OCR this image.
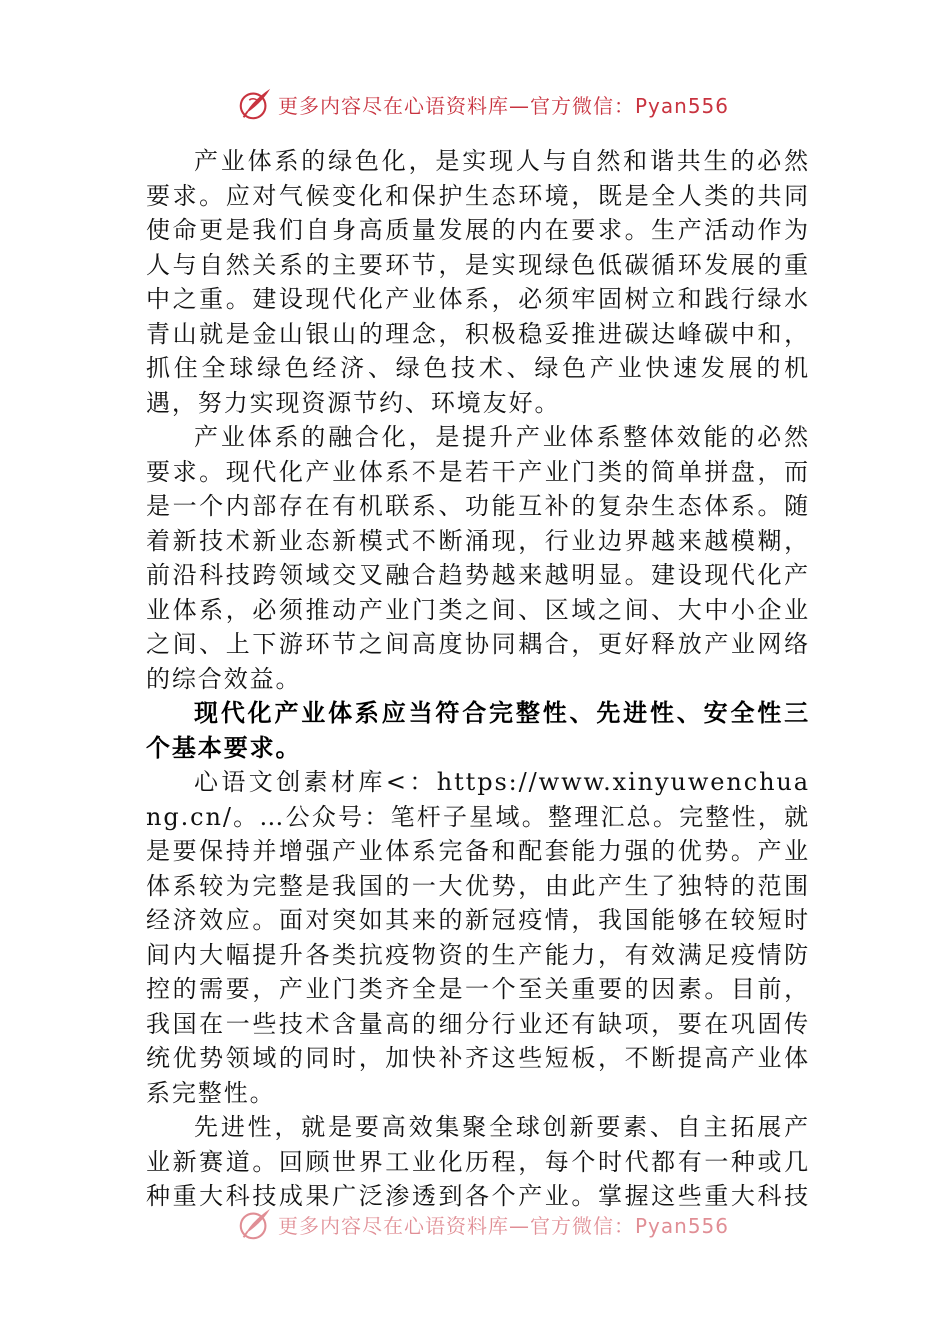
更多内容尽在心语资料库—官方微信：Pyan556

产业体系的绿色化，是实现人与自然和谐共生的必然要求。应对气候变化和保护生态环境，既是全人类的共同使命更是我们自身高质量发展的内在要求。生产活动作为人与自然关系的主要环节，是实现绿色低碳循环发展的重中之重。建设现代化产业体系，必须牢固树立和践行绿水青山就是金山银山的理念，积极稳妥推进碳达峰碳中和，抓住全球绿色经济、绿色技术、绿色产业快速发展的机遇，努力实现资源节约、环境友好。

产业体系的融合化，是提升产业体系整体效能的必然要求。现代化产业体系不是若干产业门类的简单拼盘，而是一个内部存在有机联系、功能互补的复杂生态体系。随着新技术新业态新模式不断涌现，行业边界越来越模糊，前沿科技跨领域交叉融合趋势越来越明显。建设现代化产业体系，必须推动产业门类之间、区域之间、大中小企业之间、上下游环节之间高度协同耦合，更好释放产业网络的综合效益。

现代化产业体系应当符合完整性、先进性、安全性三个基本要求。

心语文创素材库<：https://www.xinyuwenchuang.cn/。…公众号：笔杆子星域。整理汇总。完整性，就是要保持并增强产业体系完备和配套能力强的优势。产业体系较为完整是我国的一大优势，由此产生了独特的范围经济效应。面对突如其来的新冠疫情，我国能够在较短时间内大幅提升各类抗疫物资的生产能力，有效满足疫情防控的需要，产业门类齐全是一个至关重要的因素。目前，我国在一些技术含量高的细分行业还有缺项，要在巩固传统优势领域的同时，加快补齐这些短板，不断提高产业体系完整性。

先进性，就是要高效集聚全球创新要素、自主拓展产业新赛道。回顾世界工业化历程，每个时代都有一种或几种重大科技成果广泛渗透到各个产业。掌握这些重大科技

更多内容尽在心语资料库—官方微信：Pyan556
